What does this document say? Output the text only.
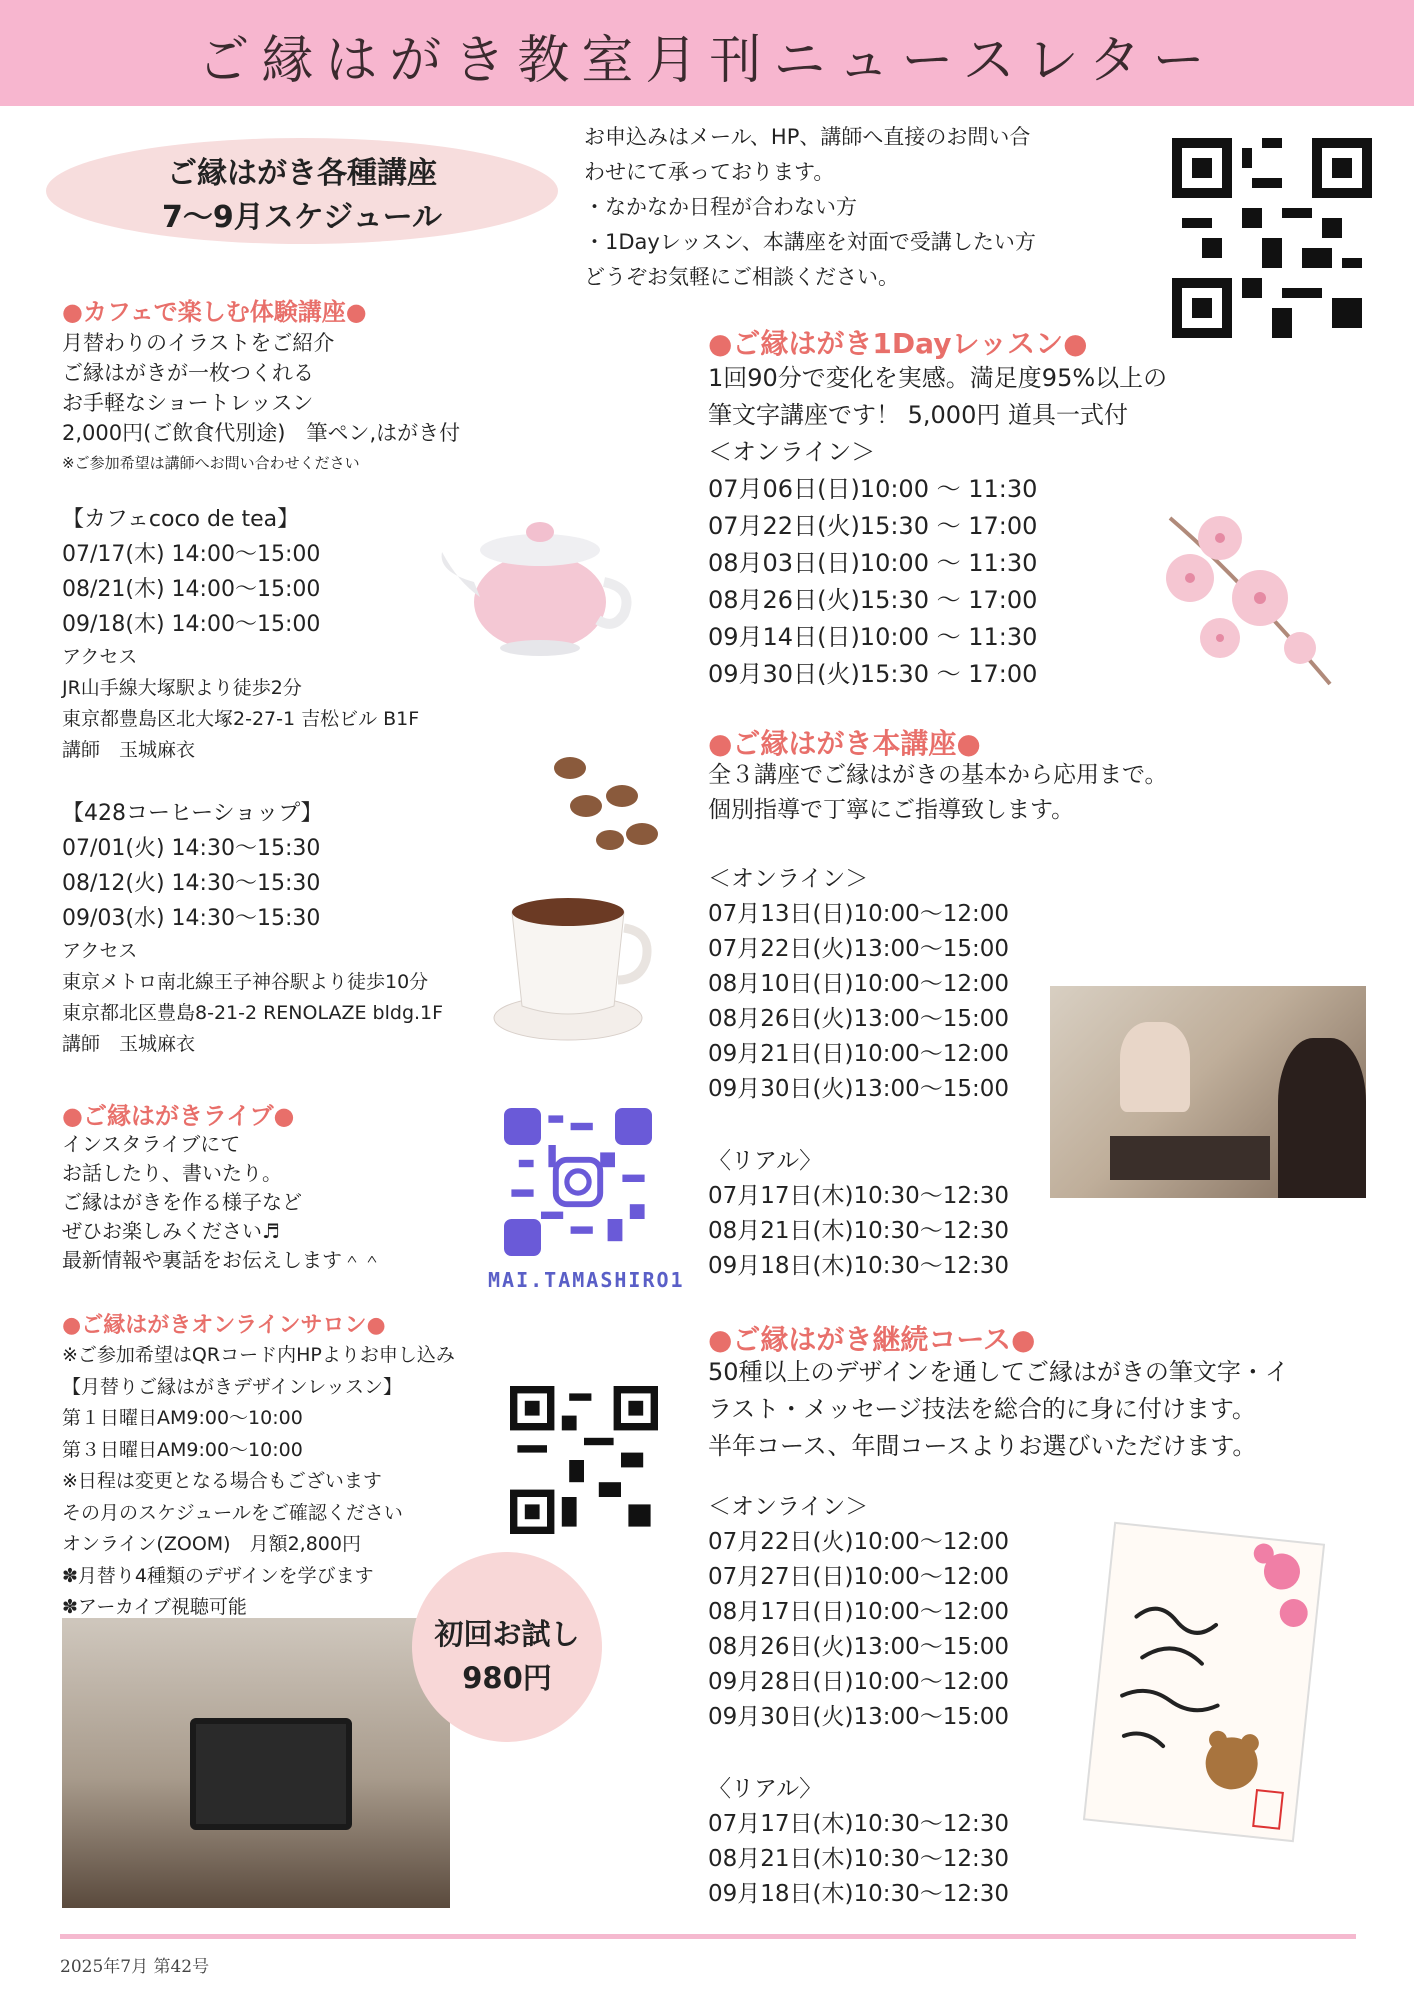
ご縁はがき教室月刊ニュースレター
ご縁はがき各種講座
7〜9月スケジュール
お申込みはメール、HP、講師へ直接のお問い合
わせにて承っております。
・なかなか日程が合わない方
・1Dayレッスン、本講座を対面で受講したい方
どうぞお気軽にご相談ください。
●カフェで楽しむ体験講座●
月替わりのイラストをご紹介
ご縁はがきが一枚つくれる
お手軽なショートレッスン
2,000円(ご飲食代別途)　筆ペン,はがき付
※ご参加希望は講師へお問い合わせください
【カフェcoco de tea】
07/17(木) 14:00〜15:00
08/21(木) 14:00〜15:00
09/18(木) 14:00〜15:00
アクセス
JR山手線大塚駅より徒歩2分
東京都豊島区北大塚2-27-1 吉松ビル B1F
講師　玉城麻衣
【428コーヒーショップ】
07/01(火) 14:30〜15:30
08/12(火) 14:30〜15:30
09/03(水) 14:30〜15:30
アクセス
東京メトロ南北線王子神谷駅より徒歩10分
東京都北区豊島8-21-2 RENOLAZE bldg.1F
講師　玉城麻衣
●ご縁はがきライブ●
インスタライブにて
お話したり、書いたり。
ご縁はがきを作る様子など
ぜひお楽しみください♬
最新情報や裏話をお伝えします＾＾
MAI.TAMASHIRO1
●ご縁はがきオンラインサロン●
※ご参加希望はQRコード内HPよりお申し込み
【月替りご縁はがきデザインレッスン】
第１日曜日AM9:00〜10:00
第３日曜日AM9:00〜10:00
※日程は変更となる場合もございます
その月のスケジュールをご確認ください
オンライン(ZOOM)　月額2,800円
✽月替り4種類のデザインを学びます
✽アーカイブ視聴可能
初回お試し
980円
●ご縁はがき1Dayレッスン●
1回90分で変化を実感。満足度95%以上の
筆文字講座です！ 5,000円 道具一式付
＜オンライン＞
07月06日(日)10:00 〜 11:30
07月22日(火)15:30 〜 17:00
08月03日(日)10:00 〜 11:30
08月26日(火)15:30 〜 17:00
09月14日(日)10:00 〜 11:30
09月30日(火)15:30 〜 17:00
●ご縁はがき本講座●
全３講座でご縁はがきの基本から応用まで。
個別指導で丁寧にご指導致します。
＜オンライン＞
07月13日(日)10:00〜12:00
07月22日(火)13:00〜15:00
08月10日(日)10:00〜12:00
08月26日(火)13:00〜15:00
09月21日(日)10:00〜12:00
09月30日(火)13:00〜15:00
〈リアル〉
07月17日(木)10:30〜12:30
08月21日(木)10:30〜12:30
09月18日(木)10:30〜12:30
●ご縁はがき継続コース●
50種以上のデザインを通してご縁はがきの筆文字・イ
ラスト・メッセージ技法を総合的に身に付けます。
半年コース、年間コースよりお選びいただけます。
＜オンライン＞
07月22日(火)10:00〜12:00
07月27日(日)10:00〜12:00
08月17日(日)10:00〜12:00
08月26日(火)13:00〜15:00
09月28日(日)10:00〜12:00
09月30日(火)13:00〜15:00
〈リアル〉
07月17日(木)10:30〜12:30
08月21日(木)10:30〜12:30
09月18日(木)10:30〜12:30
2025年7月 第42号
